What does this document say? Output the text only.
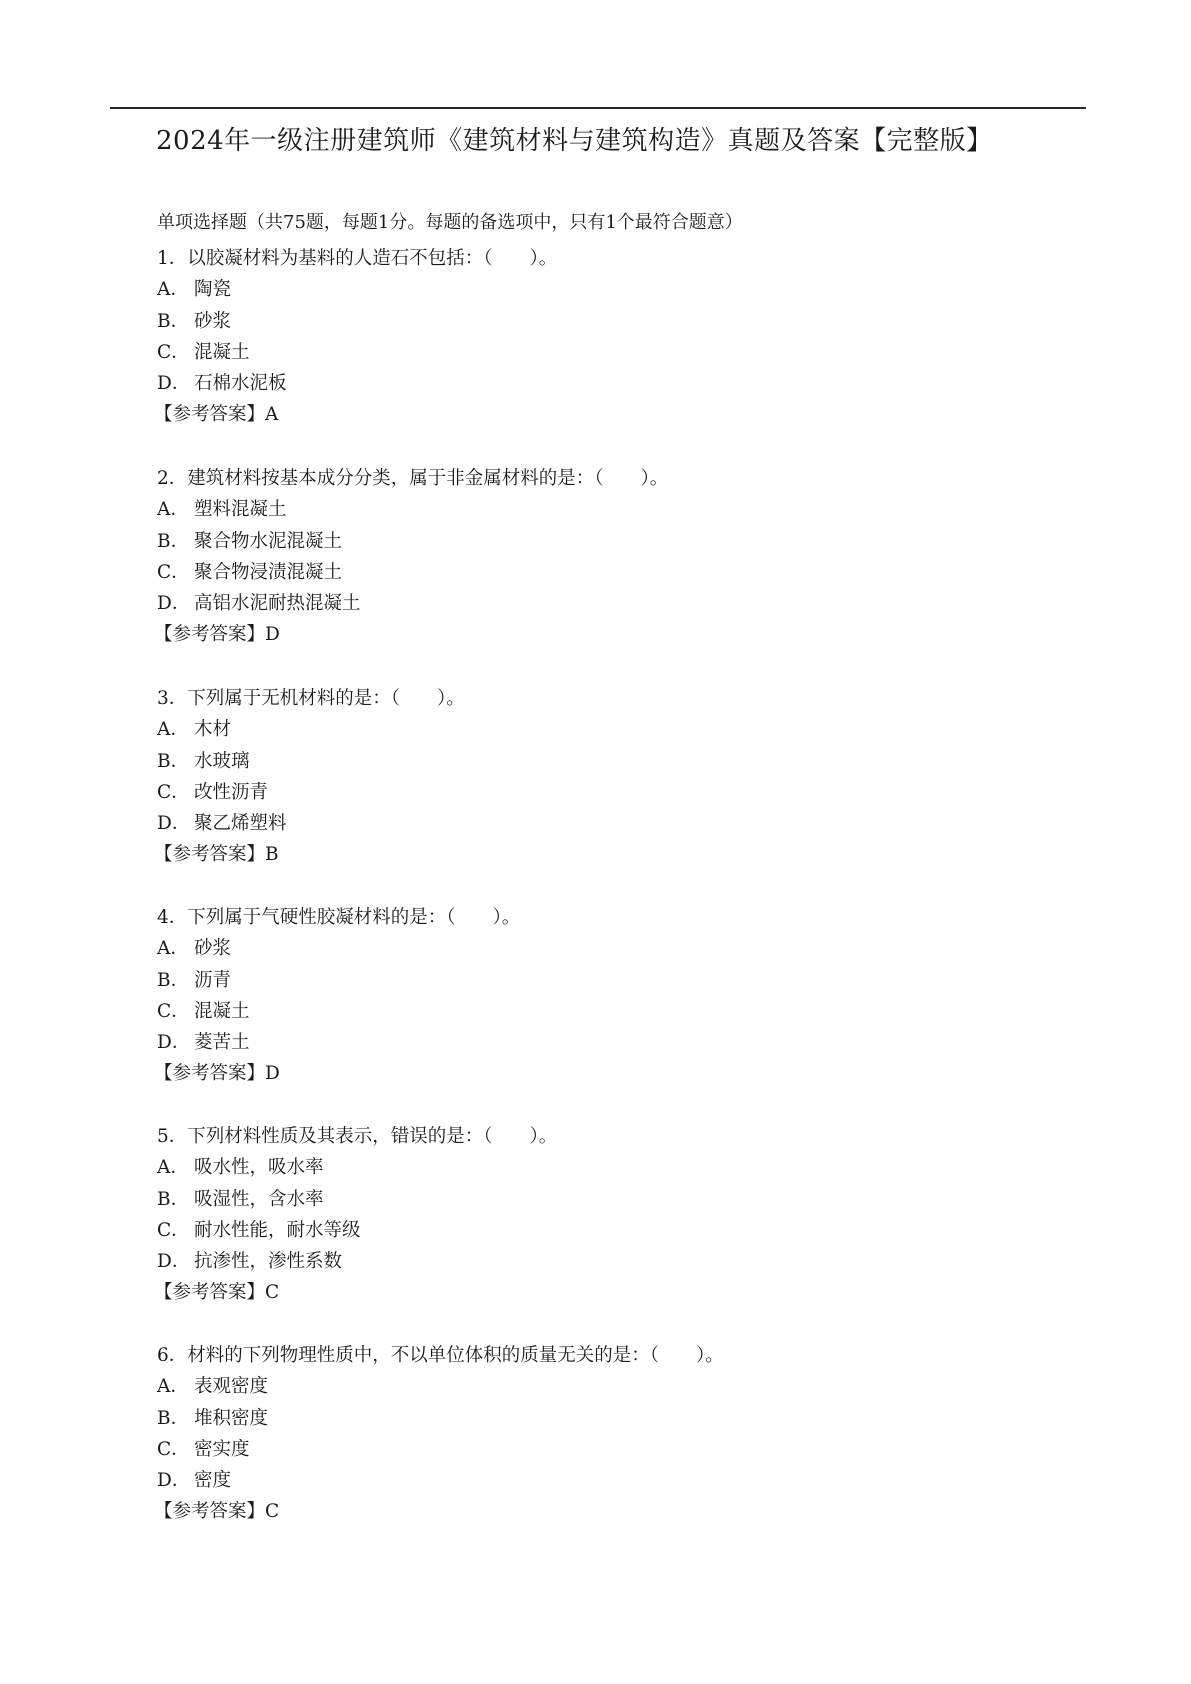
2024年一级注册建筑师《建筑材料与建筑构造》真题及答案【完整版】
单项选择题（共75题，每题1分。每题的备选项中，只有1个最符合题意）
1．以胶凝材料为基料的人造石不包括：（　　）。
A． 陶瓷
B． 砂浆
C． 混凝土
D． 石棉水泥板
【参考答案】A
2．建筑材料按基本成分分类，属于非金属材料的是：（　　）。
A． 塑料混凝土
B． 聚合物水泥混凝土
C． 聚合物浸渍混凝土
D． 高铝水泥耐热混凝土
【参考答案】D
3．下列属于无机材料的是：（　　）。
A． 木材
B． 水玻璃
C． 改性沥青
D． 聚乙烯塑料
【参考答案】B
4．下列属于气硬性胶凝材料的是：（　　）。
A． 砂浆
B． 沥青
C． 混凝土
D． 菱苦土
【参考答案】D
5．下列材料性质及其表示，错误的是：（　　）。
A． 吸水性，吸水率
B． 吸湿性，含水率
C． 耐水性能，耐水等级
D． 抗渗性，渗性系数
【参考答案】C
6．材料的下列物理性质中，不以单位体积的质量无关的是：（　　）。
A． 表观密度
B． 堆积密度
C． 密实度
D． 密度
【参考答案】C
